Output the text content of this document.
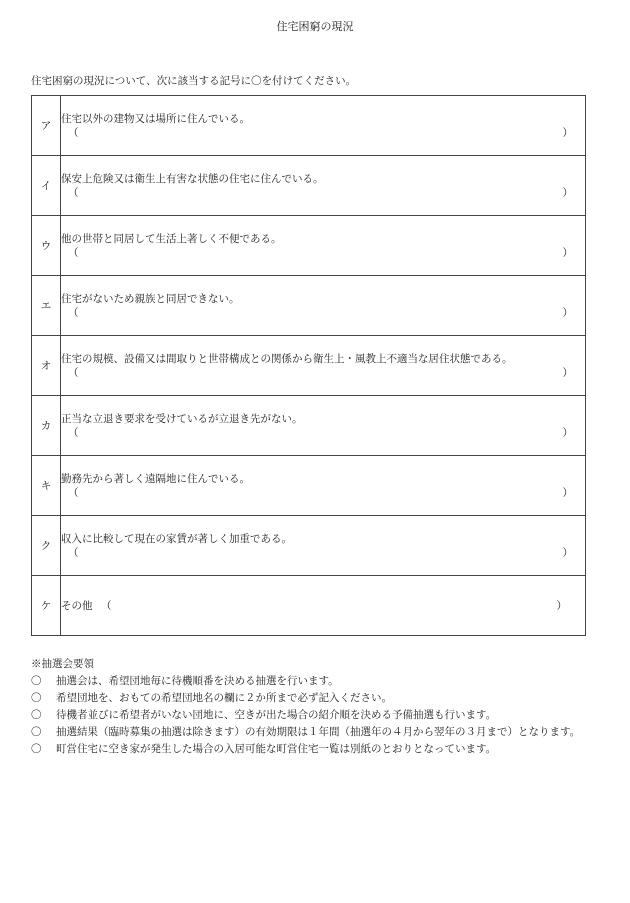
住宅困窮の現況
住宅困窮の現況について、次に該当する記号に〇を付けてください。
ア	住宅以外の建物又は場所に住んでいる。
（ ）

イ	保安上危険又は衛生上有害な状態の住宅に住んでいる。
（ ）

ウ	他の世帯と同居して生活上著しく不便である。
（ ）

エ	住宅がないため親族と同居できない。
（ ）

オ	住宅の規模、設備又は間取りと世帯構成との関係から衛生上・風教上不適当な居住状態である。
（ ）

カ	正当な立退き要求を受けているが立退き先がない。
（ ）

キ	勤務先から著しく遠隔地に住んでいる。
（ ）

ク	収入に比較して現在の家賃が著しく加重である。
（ ）

ケ	その他 （ ）
※抽選会要領
〇 抽選会は、希望団地毎に待機順番を決める抽選を行います。
〇 希望団地を、おもての希望団地名の欄に２か所まで必ず記入ください。
〇 待機者並びに希望者がいない団地に、空きが出た場合の紹介順を決める予備抽選も行います。
〇 抽選結果（臨時募集の抽選は除きます）の有効期限は１年間（抽選年の４月から翌年の３月まで）となります。
〇 町営住宅に空き家が発生した場合の入居可能な町営住宅一覧は別紙のとおりとなっています。
